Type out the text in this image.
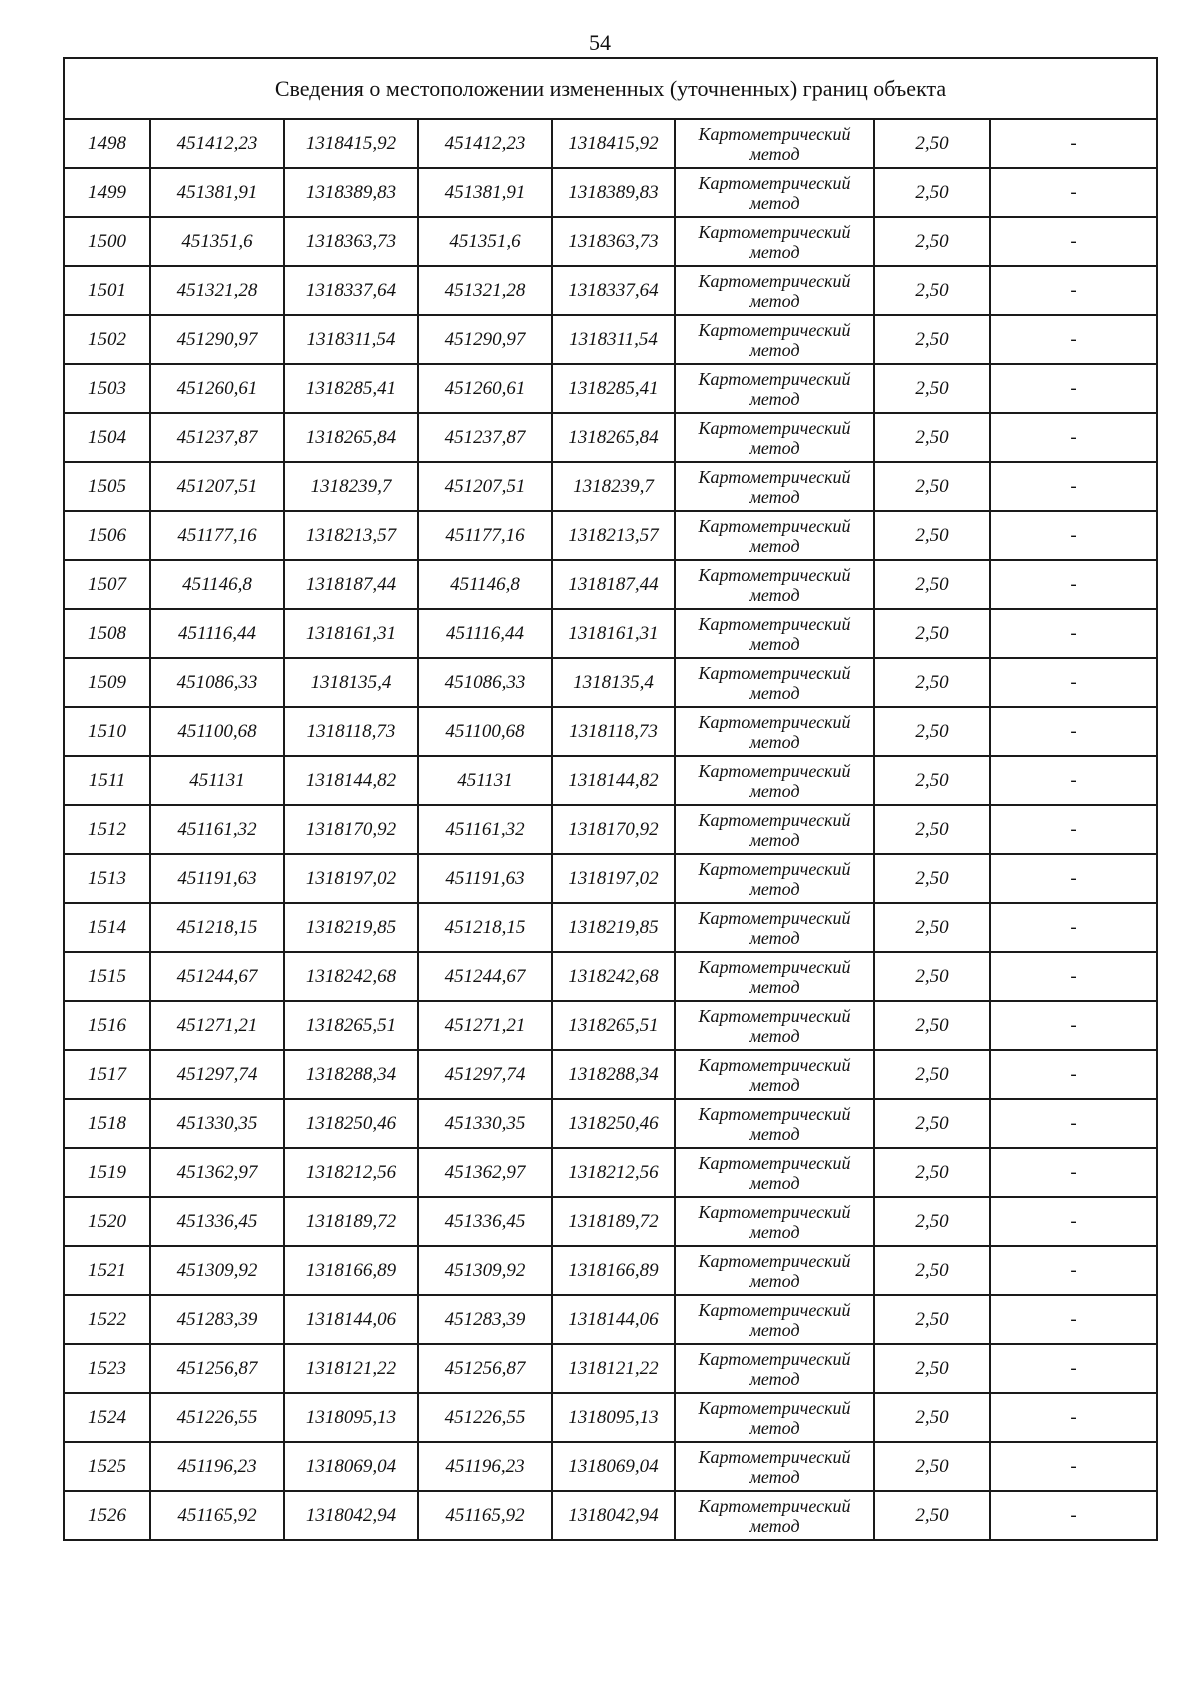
54
Сведения о местоположении измененных (уточненных) границ объекта							
1498	451412,23	1318415,92	451412,23	1318415,92	Картометрический метод	2,50	-
1499	451381,91	1318389,83	451381,91	1318389,83	Картометрический метод	2,50	-
1500	451351,6	1318363,73	451351,6	1318363,73	Картометрический метод	2,50	-
1501	451321,28	1318337,64	451321,28	1318337,64	Картометрический метод	2,50	-
1502	451290,97	1318311,54	451290,97	1318311,54	Картометрический метод	2,50	-
1503	451260,61	1318285,41	451260,61	1318285,41	Картометрический метод	2,50	-
1504	451237,87	1318265,84	451237,87	1318265,84	Картометрический метод	2,50	-
1505	451207,51	1318239,7	451207,51	1318239,7	Картометрический метод	2,50	-
1506	451177,16	1318213,57	451177,16	1318213,57	Картометрический метод	2,50	-
1507	451146,8	1318187,44	451146,8	1318187,44	Картометрический метод	2,50	-
1508	451116,44	1318161,31	451116,44	1318161,31	Картометрический метод	2,50	-
1509	451086,33	1318135,4	451086,33	1318135,4	Картометрический метод	2,50	-
1510	451100,68	1318118,73	451100,68	1318118,73	Картометрический метод	2,50	-
1511	451131	1318144,82	451131	1318144,82	Картометрический метод	2,50	-
1512	451161,32	1318170,92	451161,32	1318170,92	Картометрический метод	2,50	-
1513	451191,63	1318197,02	451191,63	1318197,02	Картометрический метод	2,50	-
1514	451218,15	1318219,85	451218,15	1318219,85	Картометрический метод	2,50	-
1515	451244,67	1318242,68	451244,67	1318242,68	Картометрический метод	2,50	-
1516	451271,21	1318265,51	451271,21	1318265,51	Картометрический метод	2,50	-
1517	451297,74	1318288,34	451297,74	1318288,34	Картометрический метод	2,50	-
1518	451330,35	1318250,46	451330,35	1318250,46	Картометрический метод	2,50	-
1519	451362,97	1318212,56	451362,97	1318212,56	Картометрический метод	2,50	-
1520	451336,45	1318189,72	451336,45	1318189,72	Картометрический метод	2,50	-
1521	451309,92	1318166,89	451309,92	1318166,89	Картометрический метод	2,50	-
1522	451283,39	1318144,06	451283,39	1318144,06	Картометрический метод	2,50	-
1523	451256,87	1318121,22	451256,87	1318121,22	Картометрический метод	2,50	-
1524	451226,55	1318095,13	451226,55	1318095,13	Картометрический метод	2,50	-
1525	451196,23	1318069,04	451196,23	1318069,04	Картометрический метод	2,50	-
1526	451165,92	1318042,94	451165,92	1318042,94	Картометрический метод	2,50	-
